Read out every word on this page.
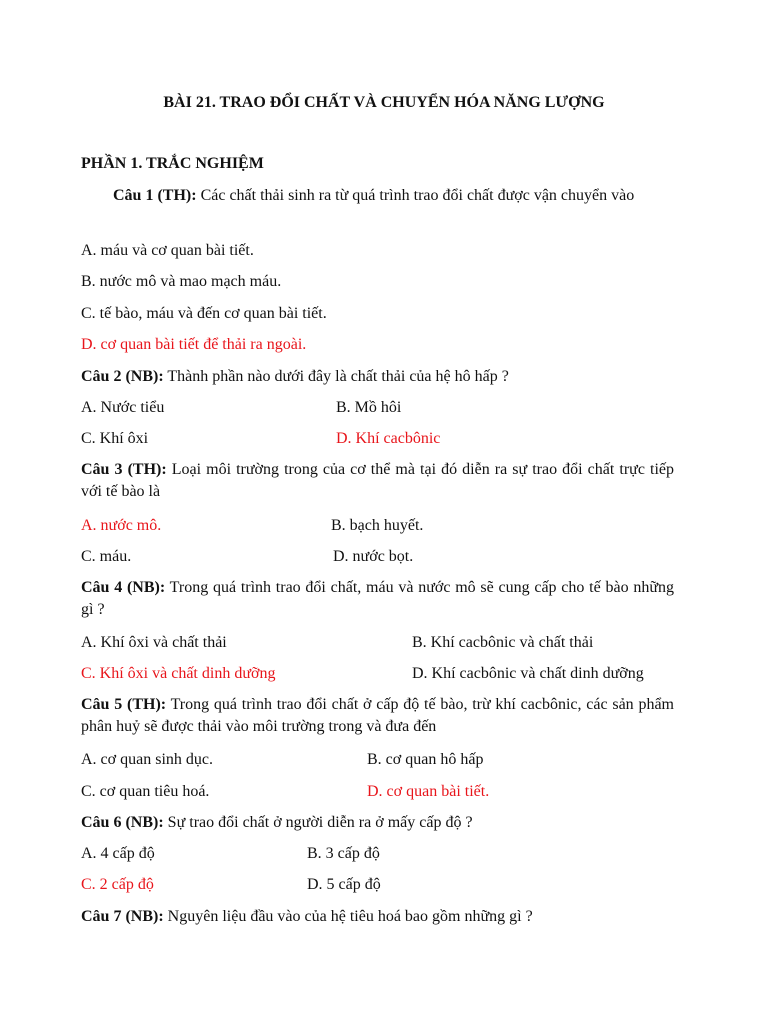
BÀI 21. TRAO ĐỔI CHẤT VÀ CHUYỂN HÓA NĂNG LƯỢNG
PHẦN 1. TRẮC NGHIỆM
Câu 1 (TH): Các chất thải sinh ra từ quá trình trao đổi chất được vận chuyển vào
A. máu và cơ quan bài tiết.
B. nước mô và mao mạch máu.
C. tế bào, máu và đến cơ quan bài tiết.
D. cơ quan bài tiết để thải ra ngoài.
Câu 2 (NB): Thành phần nào dưới đây là chất thải của hệ hô hấp ?
A. Nước tiểu	B. Mồ hôi
C. Khí ôxi	D. Khí cacbônic
Câu 3 (TH): Loại môi trường trong của cơ thể mà tại đó diễn ra sự trao đổi chất trực tiếp với tế bào là
A. nước mô.	B. bạch huyết.
C. máu.	D. nước bọt.
Câu 4 (NB): Trong quá trình trao đổi chất, máu và nước mô sẽ cung cấp cho tế bào những gì ?
A. Khí ôxi và chất thải	B. Khí cacbônic và chất thải
C. Khí ôxi và chất dinh dưỡng	D. Khí cacbônic và chất dinh dưỡng
Câu 5 (TH): Trong quá trình trao đổi chất ở cấp độ tế bào, trừ khí cacbônic, các sản phẩm phân huỷ sẽ được thải vào môi trường trong và đưa đến
A. cơ quan sinh dục.	B. cơ quan hô hấp
C. cơ quan tiêu hoá.	D. cơ quan bài tiết.
Câu 6 (NB): Sự trao đổi chất ở người diễn ra ở mấy cấp độ ?
A. 4 cấp độ	B. 3 cấp độ
C. 2 cấp độ	D. 5 cấp độ
Câu 7 (NB): Nguyên liệu đầu vào của hệ tiêu hoá bao gồm những gì ?
